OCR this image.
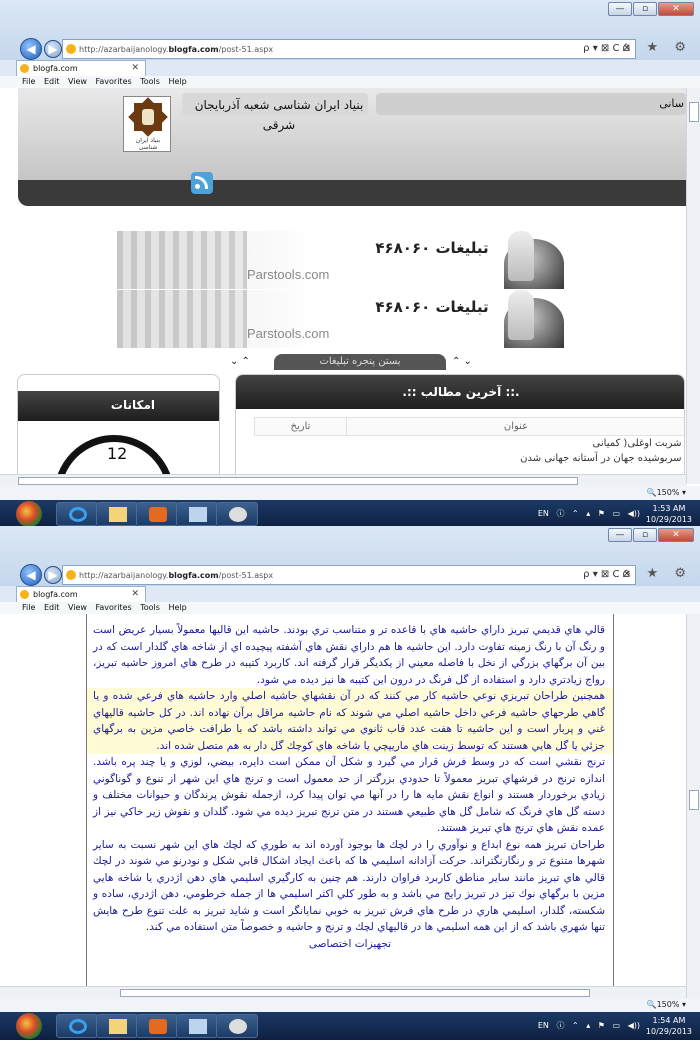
—	▫	✕
◀	▶	http://azarbaijanology.blogfa.com/post-51.aspx	ρ ▾ ⊠ C ✕
⌂ ★ ⚙
blogfa.com	✕
File Edit View Favorites Tools Help
بنیاد ایران شناسی
بنیاد ایران شناسی شعبه آذربایجان شرقی
سانی
Parstools.com
تبلیغات ۴۶۸۰۶۰
Parstools.com
تبلیغات ۴۶۸۰۶۰
⌄ ⌃	بستن پنجره تبلیغات	⌃ ⌄
امکانات
12
.:: آخرین مطالب ::.
تاریخ	عنوان
	شربت اوغلی( کمیانی
	سربوشیده جهان در آستانه جهانی شدن
🔍150% ▾
EN ⓘ ⌃ ▴ ⚑ ▭ ◀))
1:53 AM
10/29/2013
—	▫	✕
◀	▶	http://azarbaijanology.blogfa.com/post-51.aspx	ρ ▾ ⊠ C ✕
⌂ ★ ⚙
blogfa.com	✕
File Edit View Favorites Tools Help

قالي هاي قديمي تبريز داراي حاشيه هاي با قاعده تر و متناسب تري بودند. حاشيه اين قاليها معمولاً بسيار عريض است و رنگ آن با رنگ زمينه تفاوت دارد. اين حاشيه ها هم داراي نقش هاي آشفته پيچيده اي از شاخه هاي گلدار است كه در بين آن برگهاي بزرگي از نخل با فاصله معيني از يكديگر قرار گرفته اند. كاربرد كتيبه در طرح هاي امروز حاشيه تبريز، رواج زيادتري دارد و استفاده از گل فرنگ در درون اين كتيبه ها نيز ديده مي شود.

همچنين طراحان تبريزي نوعي حاشيه كار مي كنند كه در آن نقشهاي حاشيه اصلي وارد حاشيه هاي فرعي شده و يا گاهي طرحهاي حاشيه فرعي داخل حاشيه اصلي مي شوند كه نام حاشيه مراقل برآن نهاده اند. در كل حاشيه قاليهاي غني و پربار است و اين حاشيه تا هفت عدد قاب ثانوي مي تواند داشته باشد كه با طرافت خاصي مزين به برگهاي جزئي يا گل هايي هستند كه توسط زينت هاي ماريپچي يا شاخه هاي كوچك گل دار به هم متصل شده اند.

ترنج نقشي است كه در وسط فرش قرار مي گيرد و شكل آن ممكن است دايره، بيضي، لوزي و يا چند پره باشد. اندازه ترنج در فرشهاي تبريز معمولاً تا حدودي بزرگتر از حد معمول است و ترنج هاي اين شهر از تنوع و گوناگوني زيادي برخوردار هستند و انواع نقش مايه ها را در آنها مي توان پيدا كرد، ازجمله نقوش پرندگان و حيوانات مختلف و دسته گل هاي فرنگ كه شامل گل هاي طبيعي هستند در متن ترنج تبريز ديده مي شود. گلدان و نقوش زير خاكي نيز از عمده نقش هاي ترنج هاي تبريز هستند.

طراحان تبريز همه نوع ابداع و نوآوري را در لچك ها بوجود آورده اند به طوري كه لچك هاي اين شهر نسبت به ساير شهرها متنوع تر و رنگارنگتر‌اند. حركت آزادانه اسليمي ها كه باعث ايجاد اشكال قابي شكل و نودرنو مي شوند در لچك قالي هاي تبريز مانند ساير مناطق كاربرد فراوان دارند. هم چنين به كارگيري اسليمي هاي دهن اژدري يا شاخه هايي مزين با برگهاي نوك تيز در تبريز رايج مي باشد و به طور كلي اكثر اسليمي ها از جمله خرطومي، دهن اژدري، ساده و شكسته، گلدار، اسليمي هاري در طرح هاي فرش تبريز به خوبي نمايانگر است و شايد تبريز به علت تنوع طرح هايش تنها شهري باشد كه از اين همه اسليمي ها در قاليهاي لچك و ترنج و حاشيه و خصوصاً متن استفاده مي كند.

تجهیزات اختصاصی
🔍150% ▾
EN ⓘ ⌃ ▴ ⚑ ▭ ◀))
1:54 AM
10/29/2013
